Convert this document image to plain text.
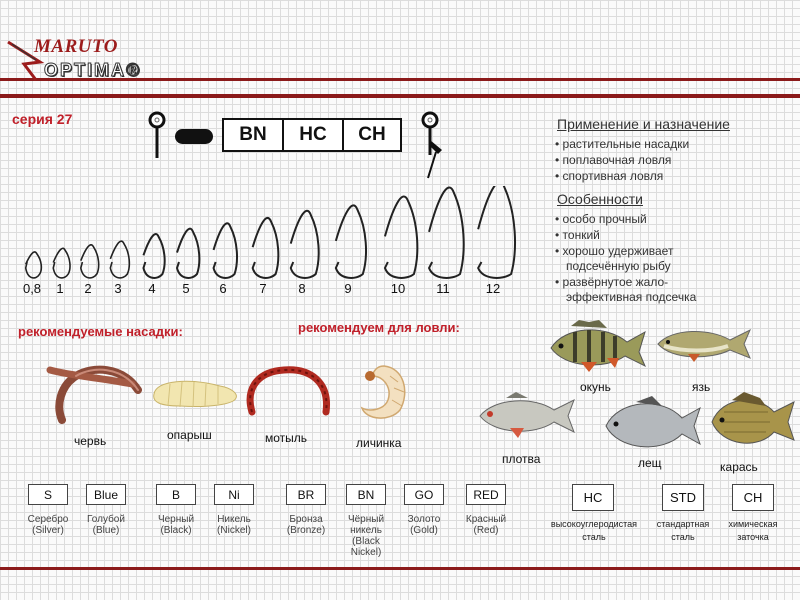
MARUTO
OPTIMA®
серия 27
BN	HC	CH
0,8 1 2 3 4 5 6	7 8	9	10 11	12
Применение и назначение
• растительные насадки
• поплавочная ловля
• спортивная ловля
Особенности
• особо прочный
• тонкий
• хорошо удерживает
подсечённую рыбу
• развёрнутое жало-
эффективная подсечка
рекомендуемые насадки:	рекомендуем для ловли:
червь	опарыш	мотыль	личинка
окунь	язь
плотва	лещ	карась
S
Серебро
(Silver)
Blue
Голубой
(Blue)
B
Черный
(Black)
Ni
Никель
(Nickel)
BR
Бронза
(Bronze)
BN
Чёрный
никель
(Black
Nickel)
GO
Золото
(Gold)
RED
Красный
(Red)
HC
высокоуглеродистая
сталь
STD
стандартная
сталь
CH
химическая
заточка
